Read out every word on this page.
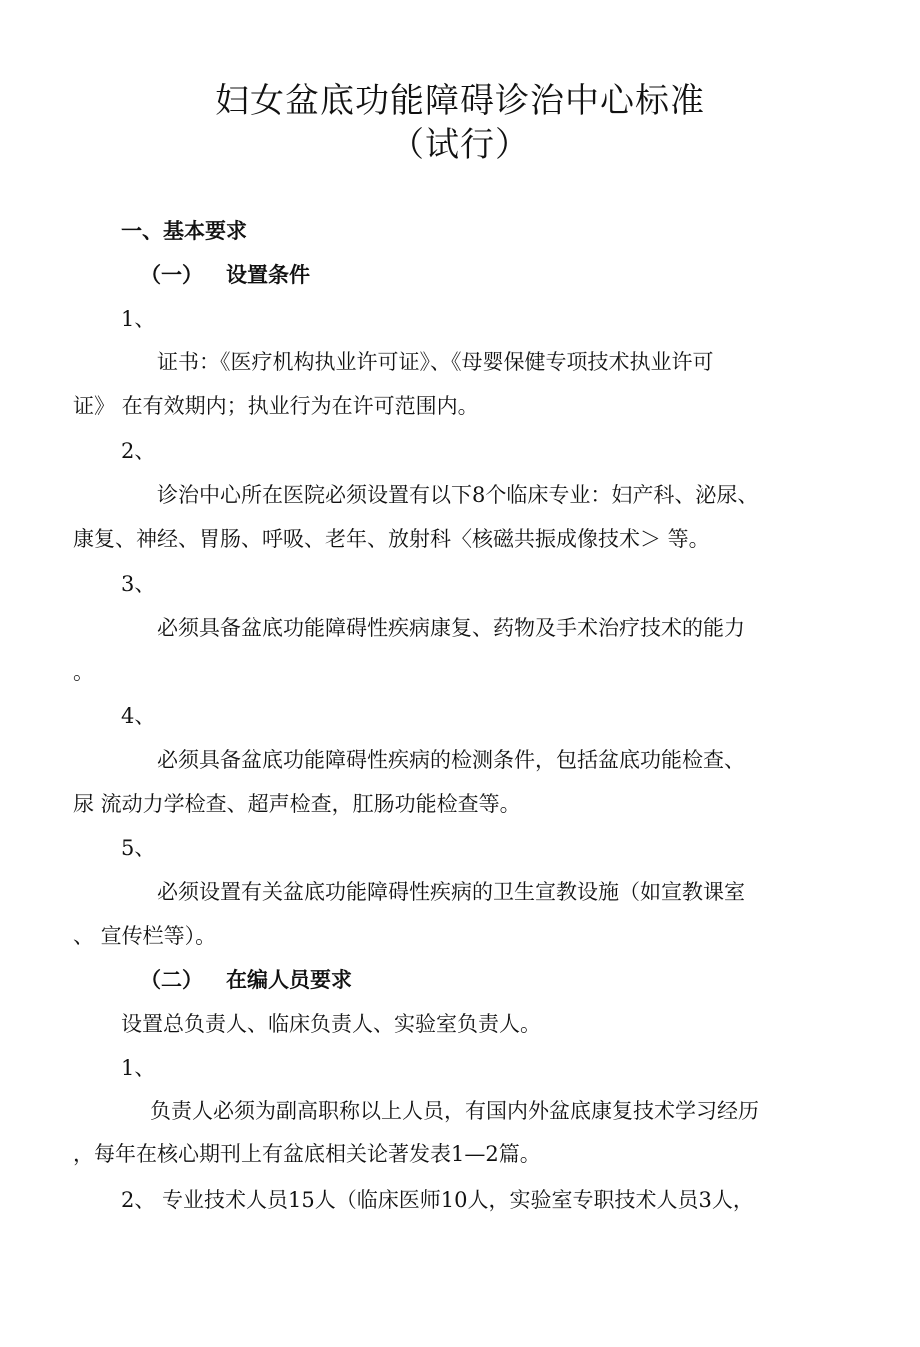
妇女盆底功能障碍诊治中心标准
（试行）
一、基本要求
（一） 设置条件
1、
证书：《医疗机构执业许可证》、《母婴保健专项技术执业许可
证》 在有效期内；执业行为在许可范围内。
2、
诊治中心所在医院必须设置有以下8个临床专业：妇产科、泌尿、
康复、神经、胃肠、呼吸、老年、放射科〈核磁共振成像技术＞ 等。
3、
必须具备盆底功能障碍性疾病康复、药物及手术治疗技术的能力
。
4、
必须具备盆底功能障碍性疾病的检测条件，包括盆底功能检查、
尿 流动力学检查、超声检查，肛肠功能检查等。
5、
必须设置有关盆底功能障碍性疾病的卫生宣教设施（如宣教课室
、 宣传栏等）。
（二） 在编人员要求
设置总负责人、临床负责人、实验室负责人。
1、
负责人必须为副高职称以上人员，有国内外盆底康复技术学习经历
，每年在核心期刊上有盆底相关论著发表1—2篇。
2、 专业技术人员15人（临床医师10人，实验室专职技术人员3人，
